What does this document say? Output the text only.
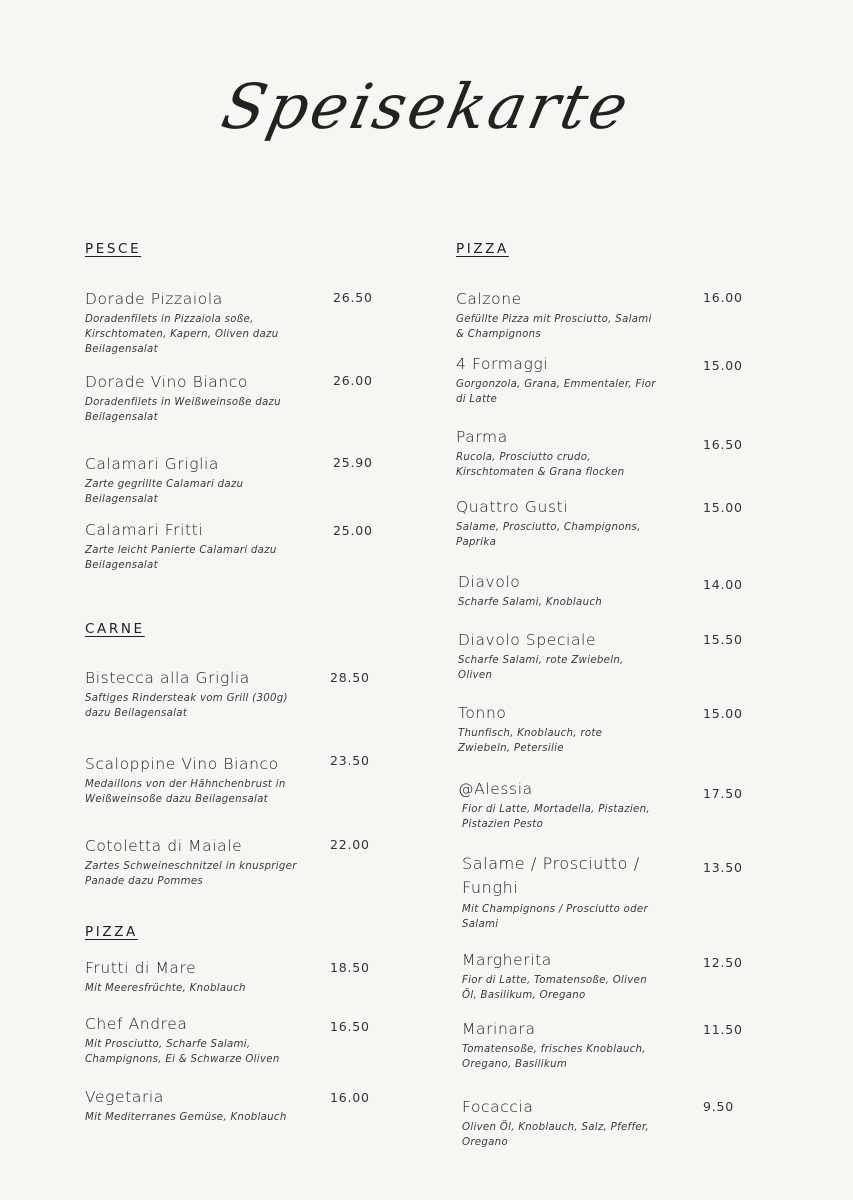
Speisekarte
PESCE
CARNE
PIZZA
PIZZA
Dorade Pizzaiola
Doradenfilets in Pizzaiola soße, Kirschtomaten, Kapern, Oliven dazu Beilagensalat
26.50
Dorade Vino Bianco
Doradenfilets in Weißweinsoße dazu Beilagensalat
26.00
Calamari Griglia
Zarte gegrillte Calamari dazu Beilagensalat
25.90
Calamari Fritti
Zarte leicht Panierte Calamari dazu Beilagensalat
25.00
Bistecca alla Griglia
Saftiges Rindersteak vom Grill (300g) dazu Beilagensalat
28.50
Scaloppine Vino Bianco
Medaillons von der Hähnchenbrust in Weißweinsoße dazu Beilagensalat
23.50
Cotoletta di Maiale
Zartes Schweineschnitzel in knuspriger Panade dazu Pommes
22.00
Frutti di Mare
Mit Meeresfrüchte, Knoblauch
18.50
Chef Andrea
Mit Prosciutto, Scharfe Salami, Champignons, Ei & Schwarze Oliven
16.50
Vegetaria
Mit Mediterranes Gemüse, Knoblauch
16.00
Calzone
Gefüllte Pizza mit Prosciutto, Salami & Champignons
16.00
4 Formaggi
Gorgonzola, Grana, Emmentaler, Fior di Latte
15.00
Parma
Rucola, Prosciutto crudo, Kirschtomaten & Grana flocken
16.50
Quattro Gusti
Salame, Prosciutto, Champignons, Paprika
15.00
Diavolo
Scharfe Salami, Knoblauch
14.00
Diavolo Speciale
Scharfe Salami, rote Zwiebeln, Oliven
15.50
Tonno
Thunfisch, Knoblauch, rote Zwiebeln, Petersilie
15.00
@Alessia
Fior di Latte, Mortadella, Pistazien, Pistazien Pesto
17.50
Salame / Prosciutto / Funghi
Mit Champignons / Prosciutto oder Salami
13.50
Margherita
Fior di Latte, Tomatensoße, Oliven Öl, Basilikum, Oregano
12.50
Marinara
Tomatensoße, frisches Knoblauch, Oregano, Basilikum
11.50
Focaccia
Oliven Öl, Knoblauch, Salz, Pfeffer, Oregano
9.50
